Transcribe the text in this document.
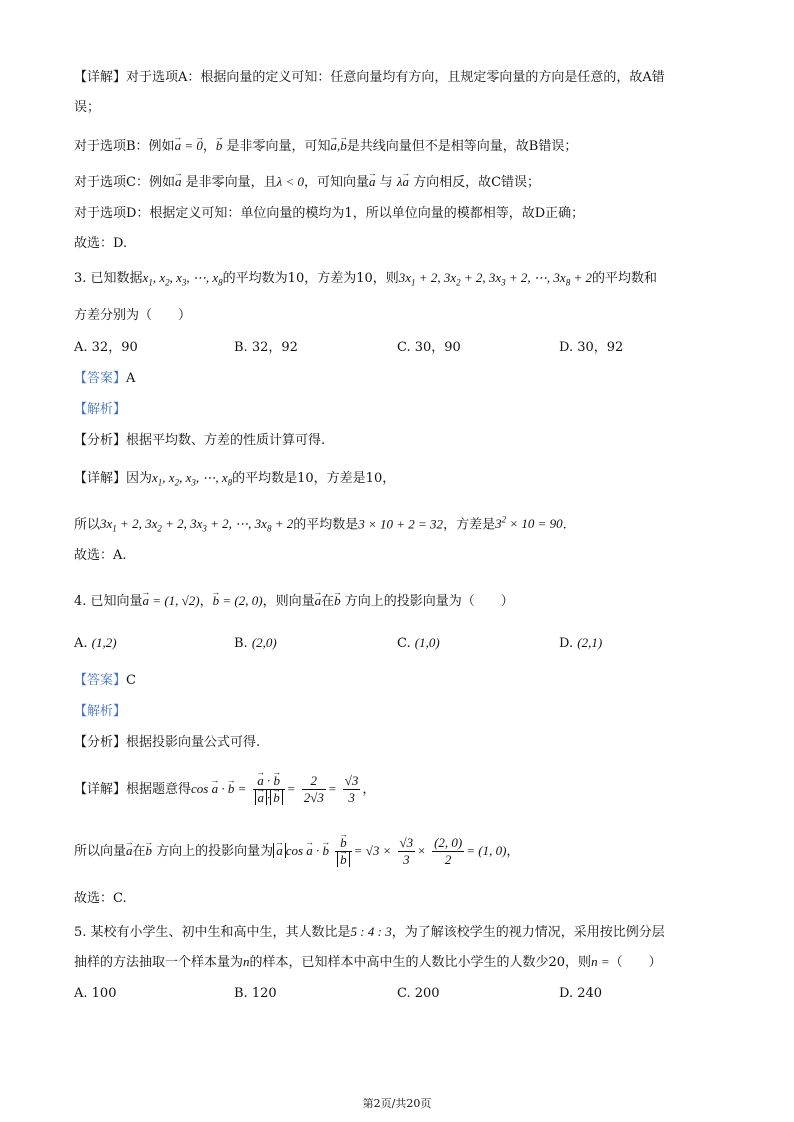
【详解】对于选项A：根据向量的定义可知：任意向量均有方向，且规定零向量的方向是任意的，故A错
误；
对于选项B：例如→ a = → 0，→ b 是非零向量，可知→ a,→ b是共线向量但不是相等向量，故B错误；
对于选项C：例如→ a 是非零向量，且λ < 0，可知向量→ a 与 λ→ a 方向相反，故C错误；
对于选项D：根据定义可知：单位向量的模均为1，所以单位向量的模都相等，故D正确；
故选：D.
3. 已知数据$x_1$, $x_2$, $x_3$, ⋯, $x_8$的平均数为10，方差为10，则$3x_1 + 2$, $3x_2 + 2$, $3x_3 + 2$, ⋯, $3x_8 + 2$的平均数和
方差分别为（　　）
A. 32，90	B. 32，92	C. 30，90	D. 30，92
【答案】A
【解析】
【分析】根据平均数、方差的性质计算可得.
【详解】因为$x_1$, $x_2$, $x_3$, ⋯, $x_8$的平均数是10，方差是10，
所以$3x_1 + 2$, $3x_2 + 2$, $3x_3 + 2$, ⋯, $3x_8 + 2$的平均数是3 × 10 + 2 = 32，方差是$3^2 \times 10 = 90$.
故选：A.
4. 已知向量→ a = (1, √2)，→ b = (2, 0)，则向量→ a在→ b 方向上的投影向量为（　　）
A. (1,2)	B. (2,0)	C. (1,0)	D. (2,1)
【答案】C
【解析】
【分析】根据投影向量公式可得.
【详解】根据题意得cos → a · → b =
→ a · → b
→ $a \cdot\to b = \frac{2}{2√3} = \frac{√3}{3}$ ，
所以向量→ a在→ b 方向上的投影向量为→ a cos → a · → b
→ b
→ $b = √3 \times \frac{√3}{3} \times \frac{(2, 0)}{2} = (1$, 0)，
故选：C.
5. 某校有小学生、初中生和高中生，其人数比是5 : 4 : 3，为了解该校学生的视力情况，采用按比例分层
抽样的方法抽取一个样本量为n的样本，已知样本中高中生的人数比小学生的人数少20，则n =（　　）
A. 100	B. 120	C. 200	D. 240
第2页/共20页
